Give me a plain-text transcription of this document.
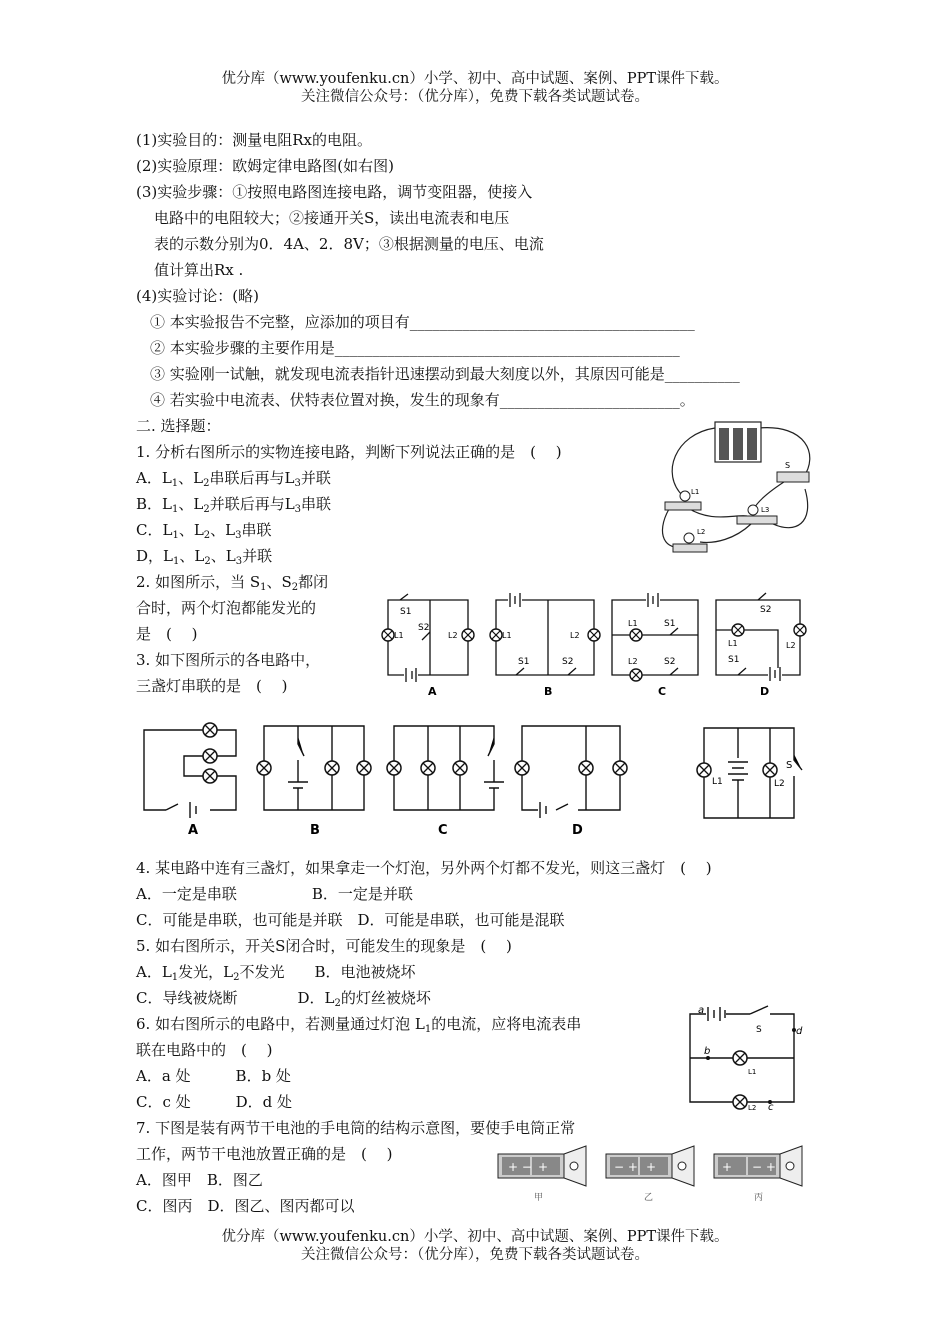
优分库（www.youfenku.cn）小学、初中、高中试题、案例、PPT课件下载。
关注微信公众号：（优分库），免费下载各类试题试卷。
(1)实验目的：测量电阻Rx的电阻。
(2)实验原理：欧姆定律电路图(如右图)
(3)实验步骤：①按照电路图连接电路，调节变阻器，使接入
电路中的电阻较大；②接通开关S，读出电流表和电压
表的示数分别为0．4A、2．8V；③根据测量的电压、电流
值计算出Rx .
(4)实验讨论：(略)
① 本实验报告不完整，应添加的项目有______________________________________
② 本实验步骤的主要作用是______________________________________________
③ 实验刚一试触，就发现电流表指针迅速摆动到最大刻度以外，其原因可能是__________
④ 若实验中电流表、伏特表位置对换，发生的现象有________________________。
二. 选择题：
1. 分析右图所示的实物连接电路，判断下列说法正确的是　(　 )
A．$L_1$、$L_2$串联后再与$L_3$并联
B．$L_1$、$L_2$并联后再与$L_3$串联
C．$L_1$、$L_2$、$L_3$串联
D，$L_1$、$L_2$、$L_3$并联
S
L1
L3
L2
2. 如图所示，当 $S_1$、$S_2$都闭
合时，两个灯泡都能发光的
是　(　 )
3. 如下图所示的各电路中，
三盏灯串联的是　(　 )
S1
S2
L1	L2
A
L1	L2
S1	S2
B
L1
L2
S1
S2
C
S2
S1
L1	L2
D
A	B	C	D
L1	L2
S
4. 某电路中连有三盏灯，如果拿走一个灯泡，另外两个灯都不发光，则这三盏灯　(　 )
A．一定是串联　　　　　B．一定是并联
C．可能是串联，也可能是并联　D．可能是串联，也可能是混联
5. 如右图所示，开关S闭合时，可能发生的现象是　(　 )
A．$L_1$发光，$L_2$不发光　　B．电池被烧坏
C．导线被烧断　　　　D．$L_2$的灯丝被烧坏
6. 如右图所示的电路中，若测量通过灯泡 $L_1$的电流，应将电流表串
联在电路中的　(　 )
A．a 处　　　B．b 处
C．c 处　　　D．d 处
a
S	d
b
L1
L2 c
7. 下图是装有两节干电池的手电筒的结构示意图，要使手电筒正常
工作，两节干电池放置正确的是　(　 )
A．图甲　B．图乙
C．图丙　D．图乙、图丙都可以
+ − +
甲
− + +
乙
+ − +
丙
优分库（www.youfenku.cn）小学、初中、高中试题、案例、PPT课件下载。
关注微信公众号：（优分库），免费下载各类试题试卷。
